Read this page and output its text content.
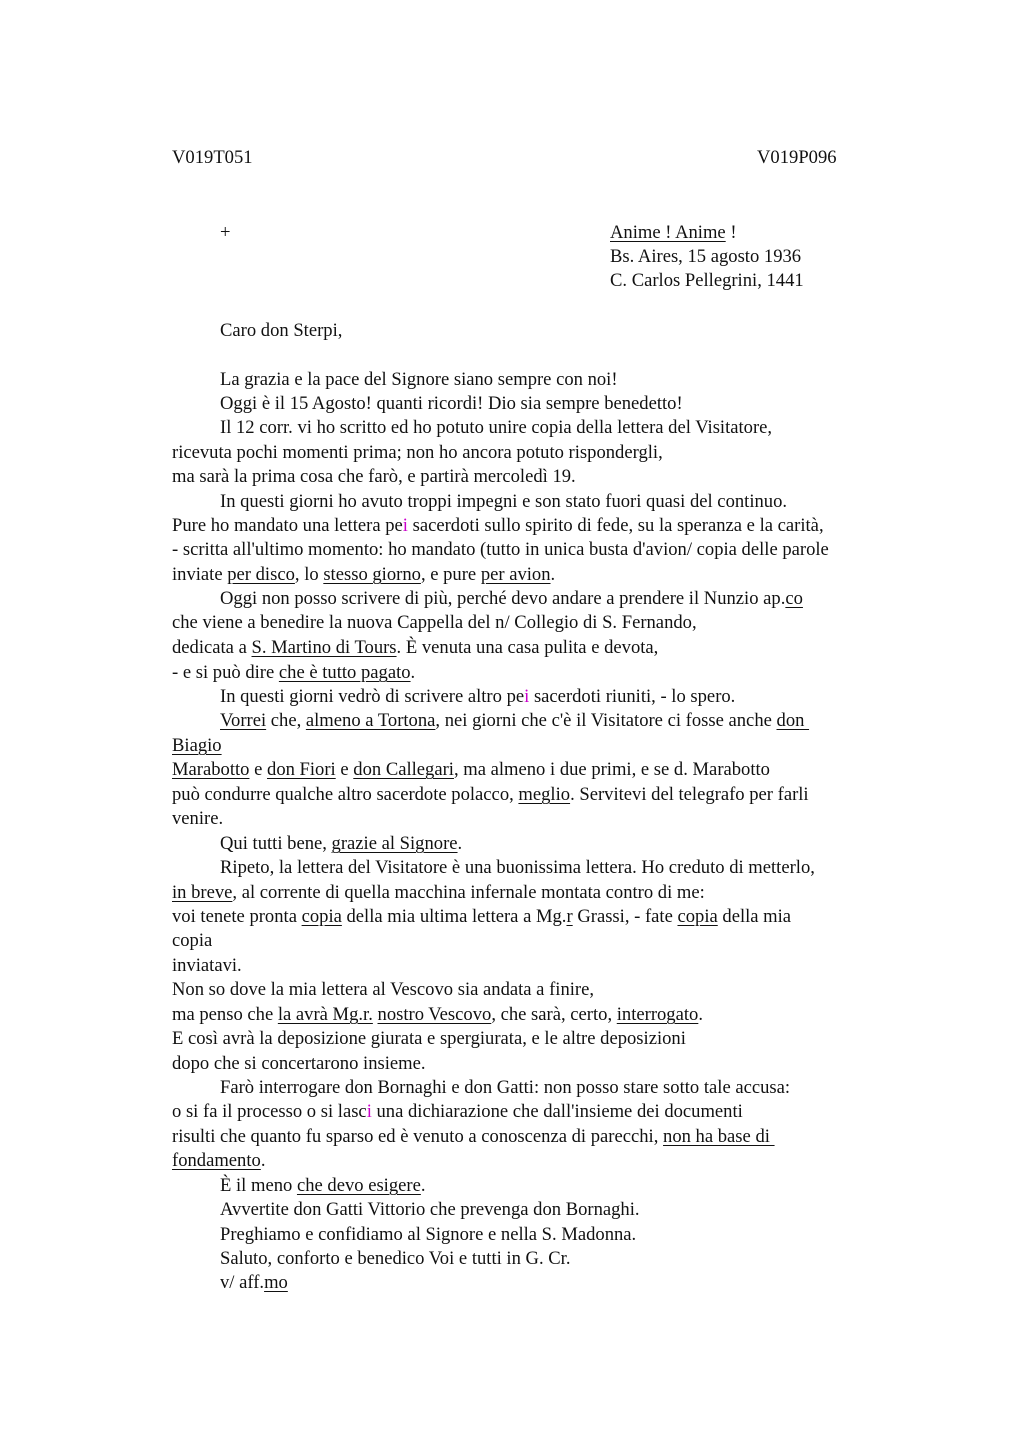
V019T051	V019P096
+	Anime ! Anime !
Bs. Aires, 15 agosto 1936
C. Carlos Pellegrini, 1441
Caro don Sterpi,
La grazia e la pace del Signore siano sempre con noi!
Oggi è il 15 Agosto! quanti ricordi! Dio sia sempre benedetto!
Il 12 corr. vi ho scritto ed ho potuto unire copia della lettera del Visitatore,
ricevuta pochi momenti prima; non ho ancora potuto rispondergli,
ma sarà la prima cosa che farò, e partirà mercoledì 19.
In questi giorni ho avuto troppi impegni e son stato fuori quasi del continuo.
Pure ho mandato una lettera pei sacerdoti sullo spirito di fede, su la speranza e la carità,
- scritta all'ultimo momento: ho mandato (tutto in unica busta d'avion/ copia delle parole
inviate per disco, lo stesso giorno, e pure per avion.
Oggi non posso scrivere di più, perché devo andare a prendere il Nunzio ap.co
che viene a benedire la nuova Cappella del n/ Collegio di S. Fernando,
dedicata a S. Martino di Tours. È venuta una casa pulita e devota,
- e si può dire che è tutto pagato.
In questi giorni vedrò di scrivere altro pei sacerdoti riuniti, - lo spero.
Vorrei che, almeno a Tortona, nei giorni che c'è il Visitatore ci fosse anche don
Biagio
Marabotto e don Fiori e don Callegari, ma almeno i due primi, e se d. Marabotto
può condurre qualche altro sacerdote polacco, meglio. Servitevi del telegrafo per farli
venire.
Qui tutti bene, grazie al Signore.
Ripeto, la lettera del Visitatore è una buonissima lettera. Ho creduto di metterlo,
in breve, al corrente di quella macchina infernale montata contro di me:
voi tenete pronta copia della mia ultima lettera a Mg.r Grassi, - fate copia della mia
copia
inviatavi.
Non so dove la mia lettera al Vescovo sia andata a finire,
ma penso che la avrà Mg.r. nostro Vescovo, che sarà, certo, interrogato.
E così avrà la deposizione giurata e spergiurata, e le altre deposizioni
dopo che si concertarono insieme.
Farò interrogare don Bornaghi e don Gatti: non posso stare sotto tale accusa:
o si fa il processo o si lasci una dichiarazione che dall'insieme dei documenti
risulti che quanto fu sparso ed è venuto a conoscenza di parecchi, non ha base di
fondamento.
È il meno che devo esigere.
Avvertite don Gatti Vittorio che prevenga don Bornaghi.
Preghiamo e confidiamo al Signore e nella S. Madonna.
Saluto, conforto e benedico Voi e tutti in G. Cr.
v/ aff.mo
